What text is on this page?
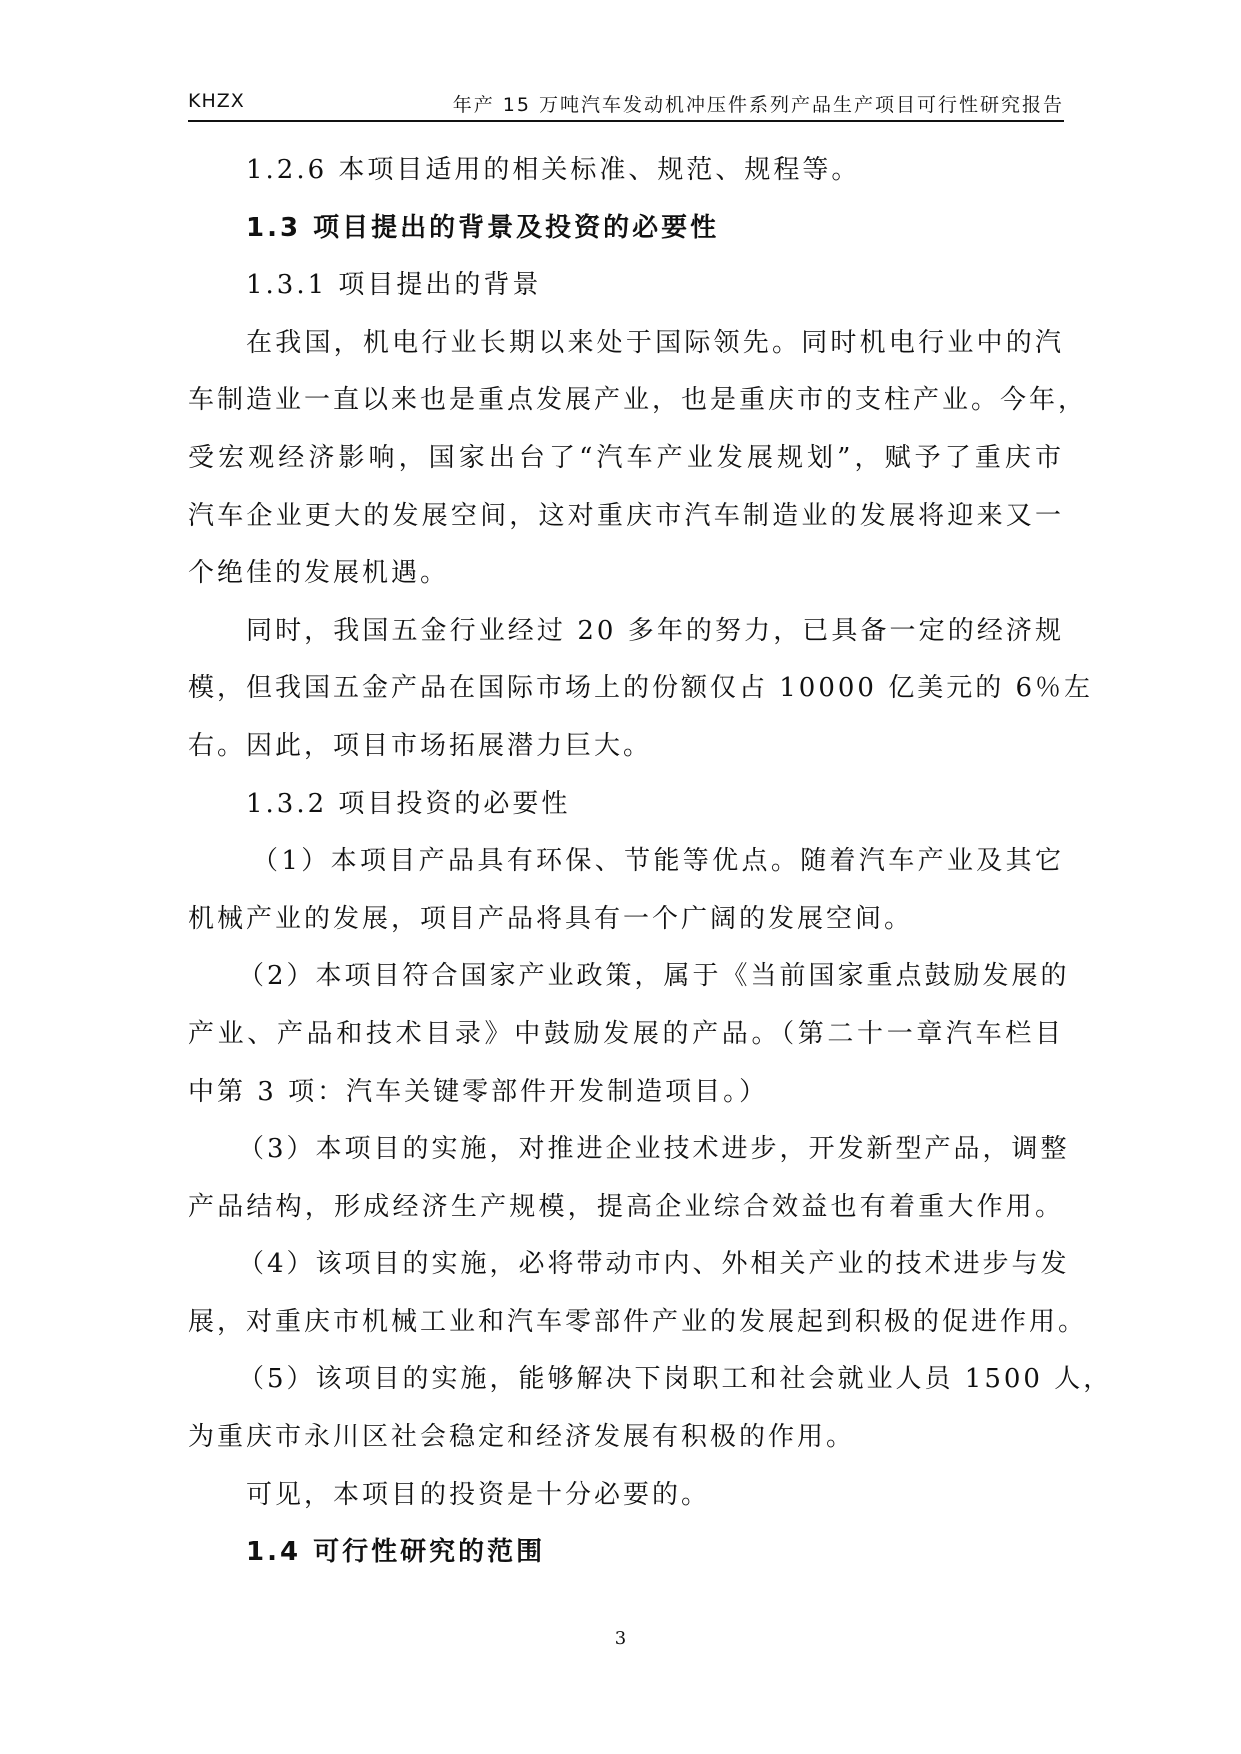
KHZX	年产 15 万吨汽车发动机冲压件系列产品生产项目可行性研究报告
1.2.6 本项目适用的相关标准、规范、规程等。
1.3 项目提出的背景及投资的必要性
1.3.1 项目提出的背景
在我国，机电行业长期以来处于国际领先。同时机电行业中的汽
车制造业一直以来也是重点发展产业，也是重庆市的支柱产业。今年，
受宏观经济影响，国家出台了“汽车产业发展规划”，赋予了重庆市
汽车企业更大的发展空间，这对重庆市汽车制造业的发展将迎来又一
个绝佳的发展机遇。
同时，我国五金行业经过 20 多年的努力，已具备一定的经济规
模，但我国五金产品在国际市场上的份额仅占 10000 亿美元的 6％左
右。因此，项目市场拓展潜力巨大。
1.3.2 项目投资的必要性
（1）本项目产品具有环保、节能等优点。随着汽车产业及其它
机械产业的发展，项目产品将具有一个广阔的发展空间。
（2）本项目符合国家产业政策，属于《当前国家重点鼓励发展的
产业、产品和技术目录》中鼓励发展的产品。（第二十一章汽车栏目
中第 3 项：汽车关键零部件开发制造项目。）
（3）本项目的实施，对推进企业技术进步，开发新型产品，调整
产品结构，形成经济生产规模，提高企业综合效益也有着重大作用。
（4）该项目的实施，必将带动市内、外相关产业的技术进步与发
展，对重庆市机械工业和汽车零部件产业的发展起到积极的促进作用。
（5）该项目的实施，能够解决下岗职工和社会就业人员 1500 人，
为重庆市永川区社会稳定和经济发展有积极的作用。
可见，本项目的投资是十分必要的。
1.4 可行性研究的范围
3
